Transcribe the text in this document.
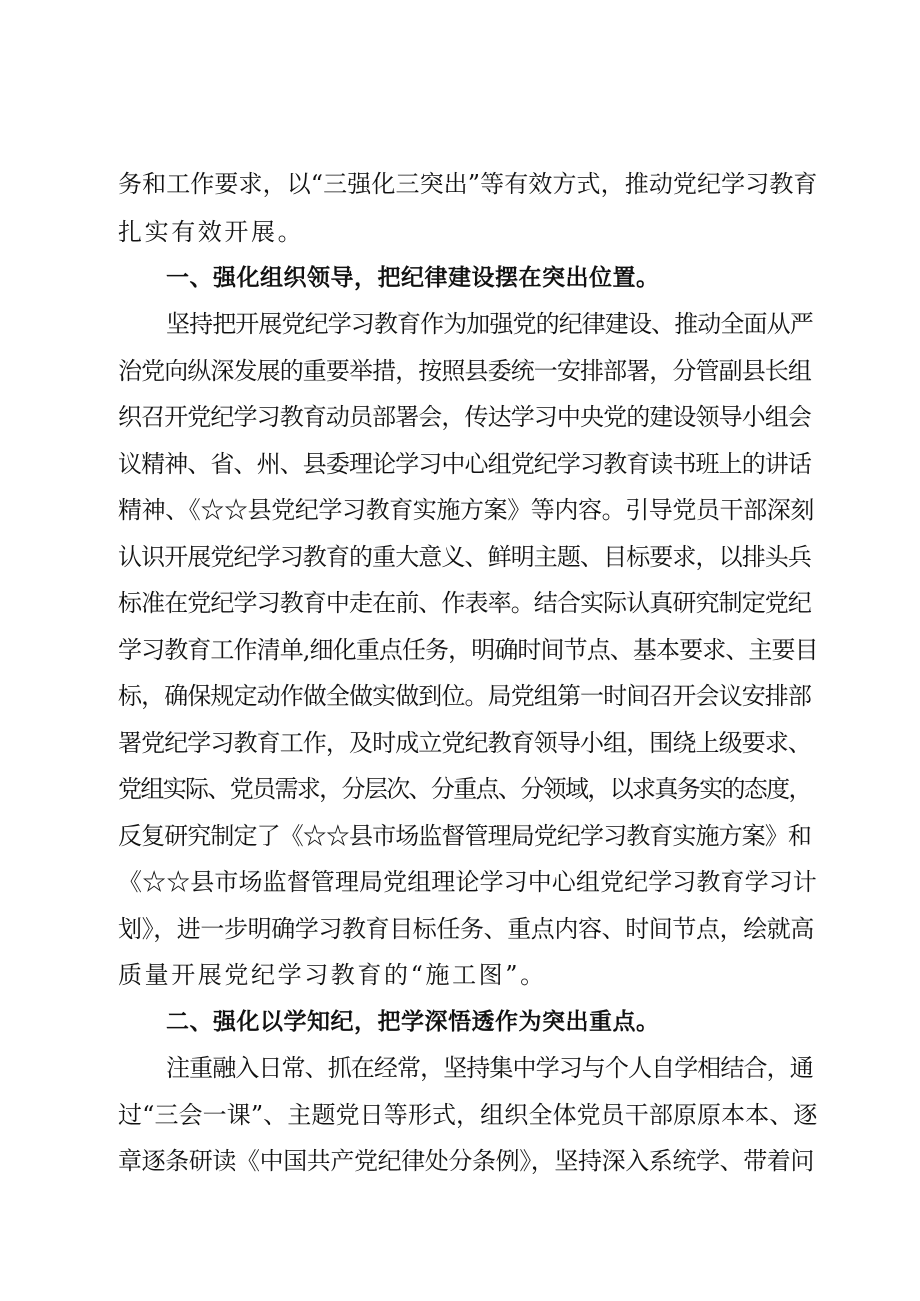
务和工作要求，以“三强化三突出”等有效方式，推动党纪学习教育
扎实有效开展。
一、强化组织领导，把纪律建设摆在突出位置。
坚持把开展党纪学习教育作为加强党的纪律建设、推动全面从严
治党向纵深发展的重要举措，按照县委统一安排部署，分管副县长组
织召开党纪学习教育动员部署会，传达学习中央党的建设领导小组会
议精神、省、州、县委理论学习中心组党纪学习教育读书班上的讲话
精神、《☆☆县党纪学习教育实施方案》等内容。引导党员干部深刻
认识开展党纪学习教育的重大意义、鲜明主题、目标要求，以排头兵
标准在党纪学习教育中走在前、作表率。结合实际认真研究制定党纪
学习教育工作清单,细化重点任务，明确时间节点、基本要求、主要目
标，确保规定动作做全做实做到位。局党组第一时间召开会议安排部
署党纪学习教育工作，及时成立党纪教育领导小组，围绕上级要求、
党组实际、党员需求，分层次、分重点、分领域，以求真务实的态度，
反复研究制定了《☆☆县市场监督管理局党纪学习教育实施方案》和
《☆☆县市场监督管理局党组理论学习中心组党纪学习教育学习计
划》，进一步明确学习教育目标任务、重点内容、时间节点，绘就高
质量开展党纪学习教育的“施工图”。
二、强化以学知纪，把学深悟透作为突出重点。
注重融入日常、抓在经常，坚持集中学习与个人自学相结合，通
过“三会一课”、主题党日等形式，组织全体党员干部原原本本、逐
章逐条研读《中国共产党纪律处分条例》，坚持深入系统学、带着问
